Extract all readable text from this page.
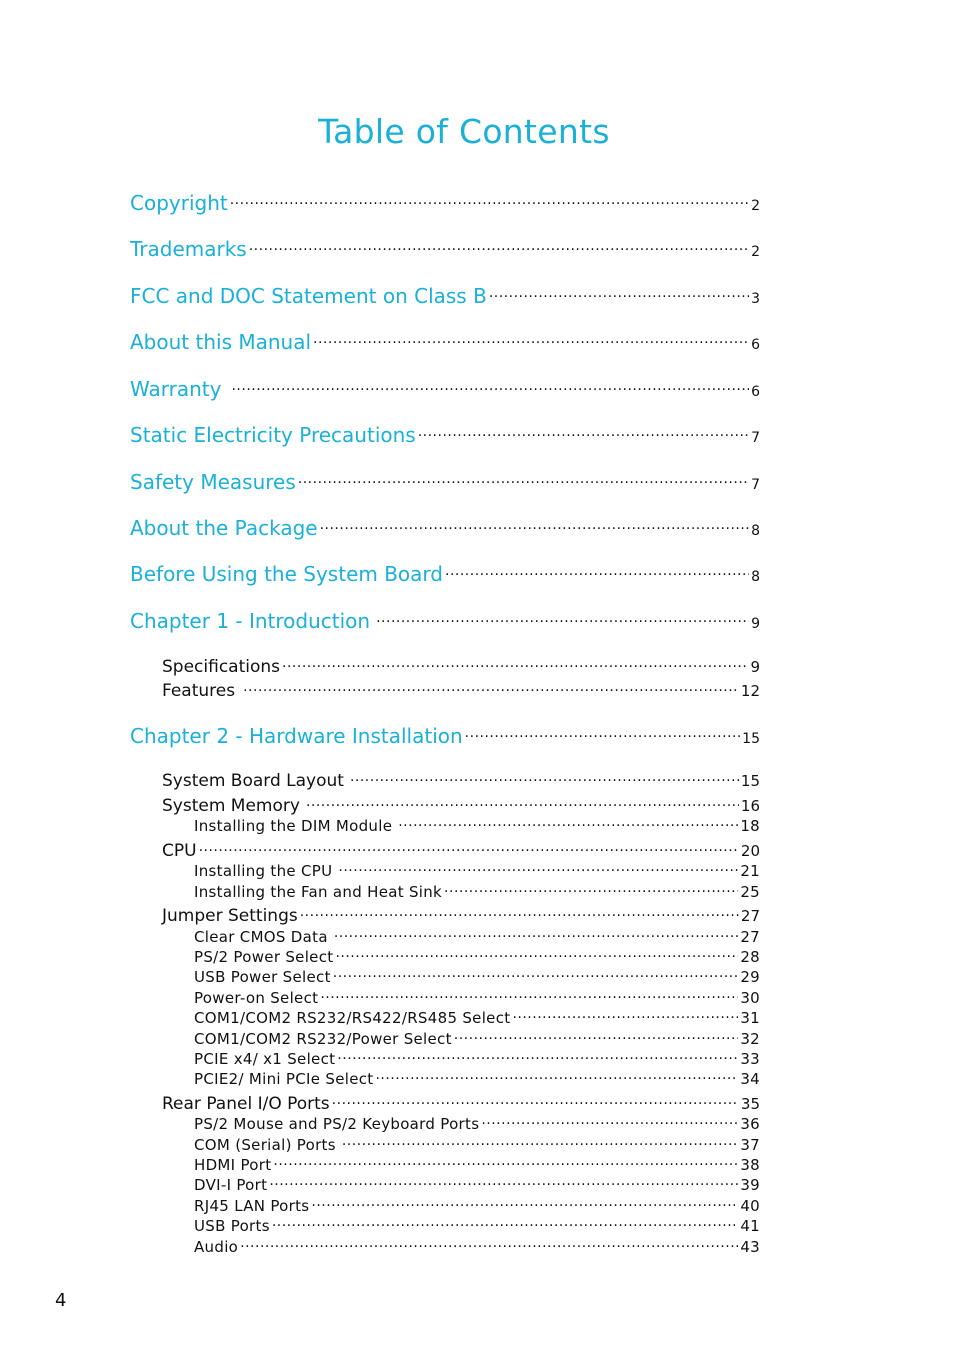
Table of Contents
Copyright .....	2
Trademarks .....	2
FCC and DOC Statement on Class B .....	3
About this Manual .....	6
Warranty .....	6
Static Electricity Precautions .....	7
Safety Measures .....	7
About the Package .....	8
Before Using the System Board .....	8
Chapter 1 - Introduction .....	9
Specifications .....	9
Features .....	12
Chapter 2 - Hardware Installation .....	15
System Board Layout .....	15
System Memory .....	16
Installing the DIM Module .....	18
CPU .....	20
Installing the CPU .....	21
Installing the Fan and Heat Sink .....	25
Jumper Settings .....	27
Clear CMOS Data .....	27
PS/2 Power Select .....	28
USB Power Select .....	29
Power-on Select .....	30
COM1/COM2 RS232/RS422/RS485 Select .....	31
COM1/COM2 RS232/Power Select .....	32
PCIE x4/ x1 Select .....	33
PCIE2/ Mini PCIe Select .....	34
Rear Panel I/O Ports .....	35
PS/2 Mouse and PS/2 Keyboard Ports .....	36
COM (Serial) Ports .....	37
HDMI Port .....	38
DVI-I Port .....	39
RJ45 LAN Ports .....	40
USB Ports .....	41
Audio .....	43
4
